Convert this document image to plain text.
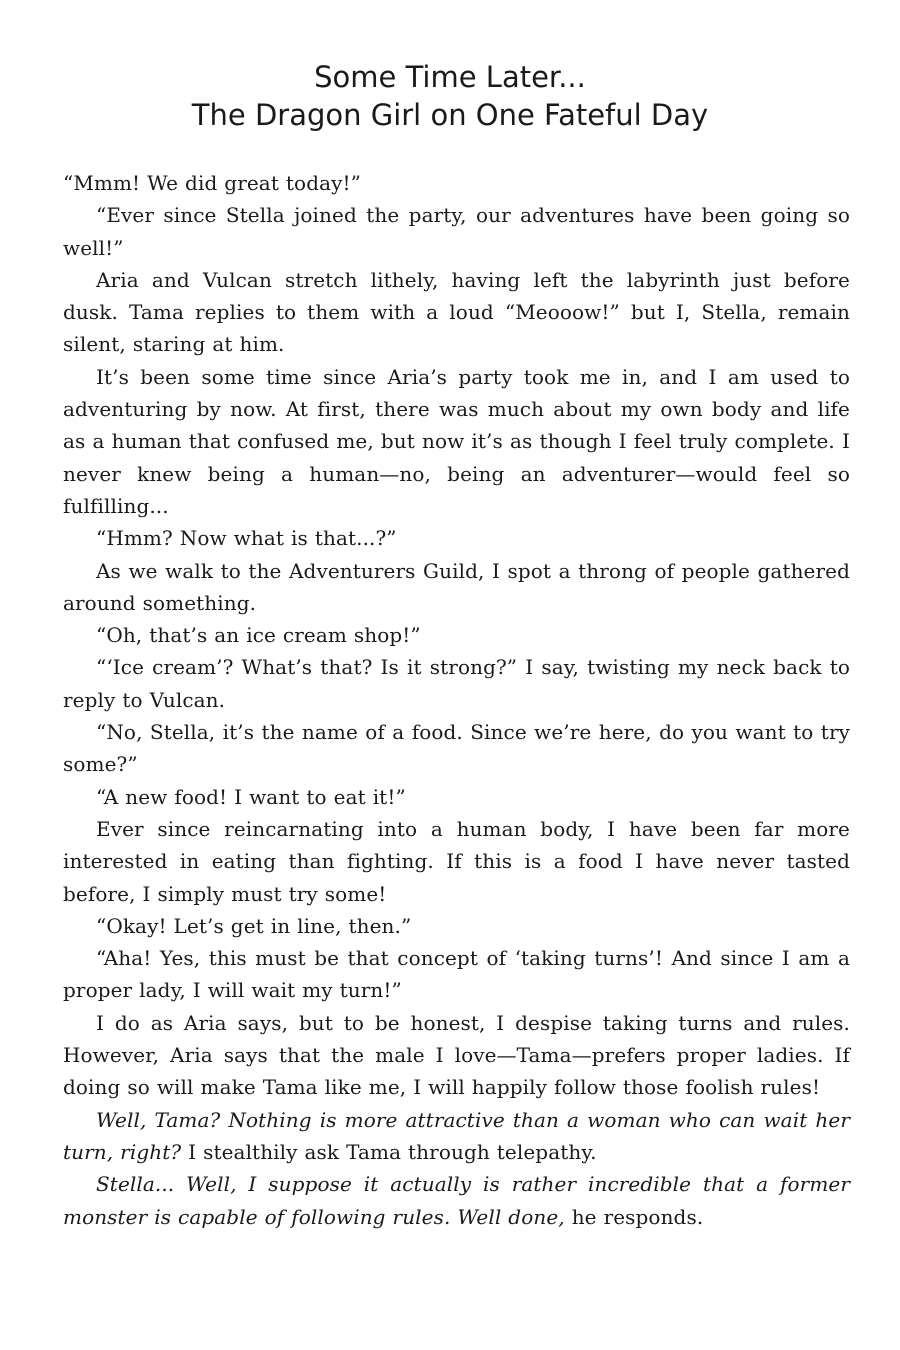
Some Time Later...
The Dragon Girl on One Fateful Day

“Mmm! We did great today!”

“Ever since Stella joined the party, our adventures have been going so well!”

Aria and Vulcan stretch lithely, having left the labyrinth just before dusk. Tama replies to them with a loud “Meooow!” but I, Stella, remain silent, staring at him.

It’s been some time since Aria’s party took me in, and I am used to adventuring by now. At first, there was much about my own body and life as a human that confused me, but now it’s as though I feel truly complete. I never knew being a human—no, being an adventurer—would feel so fulfilling...

“Hmm? Now what is that...?”

As we walk to the Adventurers Guild, I spot a throng of people gathered around something.

“Oh, that’s an ice cream shop!”

“‘Ice cream’? What’s that? Is it strong?” I say, twisting my neck back to reply to Vulcan.

“No, Stella, it’s the name of a food. Since we’re here, do you want to try some?”

“A new food! I want to eat it!”

Ever since reincarnating into a human body, I have been far more interested in eating than fighting. If this is a food I have never tasted before, I simply must try some!

“Okay! Let’s get in line, then.”

“Aha! Yes, this must be that concept of ‘taking turns’! And since I am a proper lady, I will wait my turn!”

I do as Aria says, but to be honest, I despise taking turns and rules. However, Aria says that the male I love—Tama—prefers proper ladies. If doing so will make Tama like me, I will happily follow those foolish rules!

Well, Tama? Nothing is more attractive than a woman who can wait her turn, right? I stealthily ask Tama through telepathy.

Stella... Well, I suppose it actually is rather incredible that a former monster is capable of following rules. Well done, he responds.
